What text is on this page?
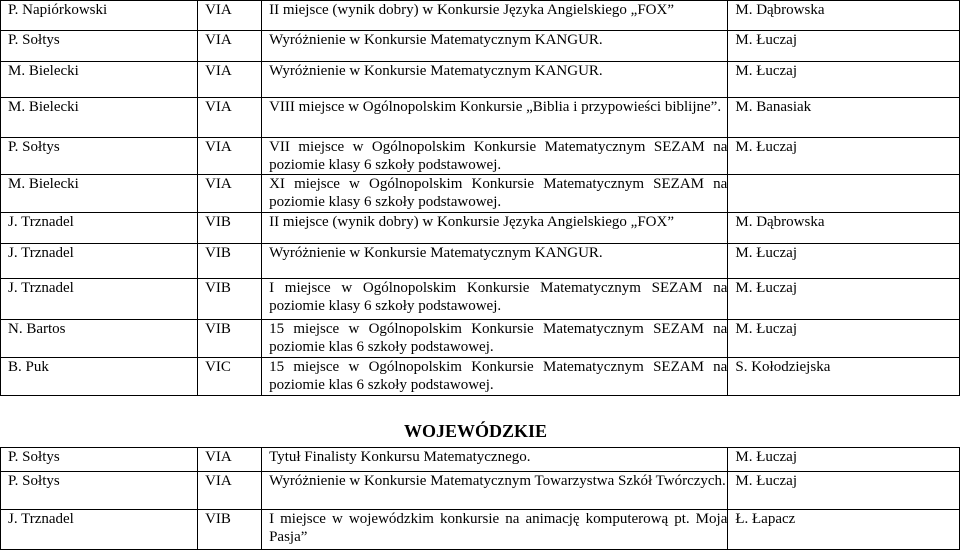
P. Napiórkowski	VIA	II miejsce (wynik dobry) w Konkursie Języka Angielskiego „FOX”	M. Dąbrowska
P. Sołtys	VIA	Wyróżnienie w Konkursie Matematycznym KANGUR.	M. Łuczaj
M. Bielecki	VIA	Wyróżnienie w Konkursie Matematycznym KANGUR.	M. Łuczaj
M. Bielecki	VIA	VIII miejsce w Ogólnopolskim Konkursie „Biblia i przypowieści biblijne”.	M. Banasiak
P. Sołtys	VIA	VII miejsce w Ogólnopolskim Konkursie Matematycznym SEZAM na poziomie klasy 6 szkoły podstawowej.	M. Łuczaj
M. Bielecki	VIA	XI miejsce w Ogólnopolskim Konkursie Matematycznym SEZAM na poziomie klasy 6 szkoły podstawowej.	
J. Trznadel	VIB	II miejsce (wynik dobry) w Konkursie Języka Angielskiego „FOX”	M. Dąbrowska
J. Trznadel	VIB	Wyróżnienie w Konkursie Matematycznym KANGUR.	M. Łuczaj
J. Trznadel	VIB	I miejsce w Ogólnopolskim Konkursie Matematycznym SEZAM na poziomie klasy 6 szkoły podstawowej.	M. Łuczaj
N. Bartos	VIB	15 miejsce w Ogólnopolskim Konkursie Matematycznym SEZAM na poziomie klas 6 szkoły podstawowej.	M. Łuczaj
B. Puk	VIC	15 miejsce w Ogólnopolskim Konkursie Matematycznym SEZAM na poziomie klas 6 szkoły podstawowej.	S. Kołodziejska
WOJEWÓDZKIE
P. Sołtys	VIA	Tytuł Finalisty Konkursu Matematycznego.	M. Łuczaj
P. Sołtys	VIA	Wyróżnienie w Konkursie Matematycznym Towarzystwa Szkół Twórczych.	M. Łuczaj
J. Trznadel	VIB	I miejsce w wojewódzkim konkursie na animację komputerową pt. Moja Pasja”	Ł. Łapacz
